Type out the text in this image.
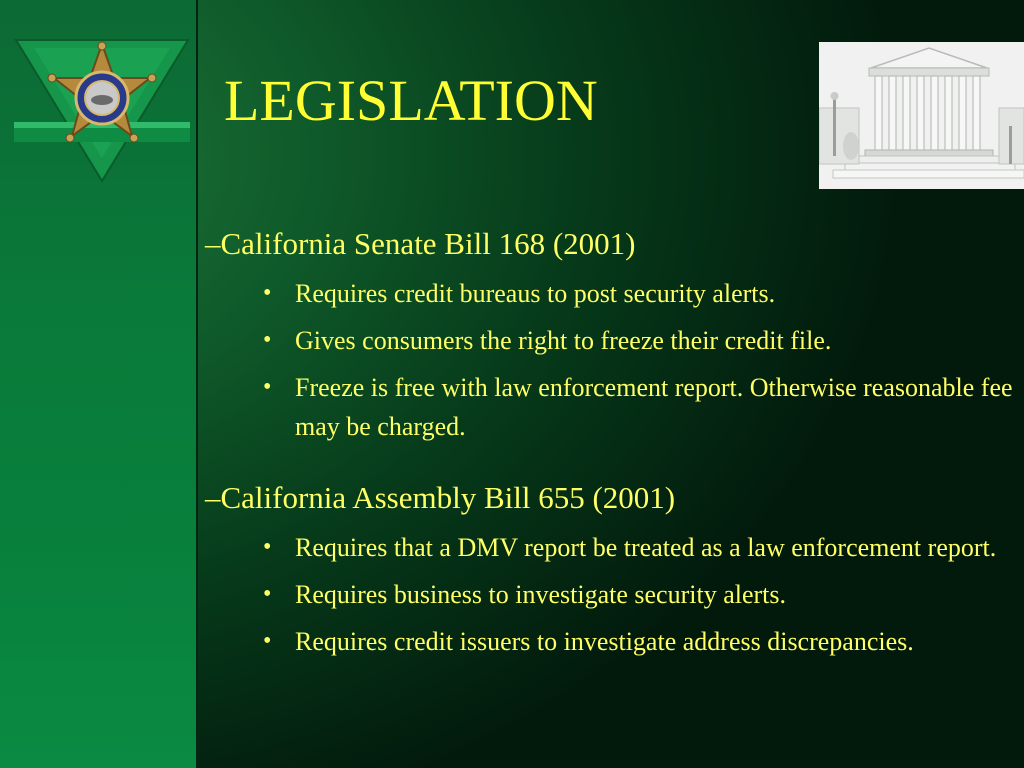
LEGISLATION
–California Senate Bill 168 (2001)
• Requires credit bureaus to post security alerts.
• Gives consumers the right to freeze their credit file.
• Freeze is free with law enforcement report. Otherwise reasonable fee may be charged.
–California Assembly Bill 655 (2001)
• Requires that a DMV report be treated as a law enforcement report.
• Requires business to investigate security alerts.
• Requires credit issuers to investigate address discrepancies.
